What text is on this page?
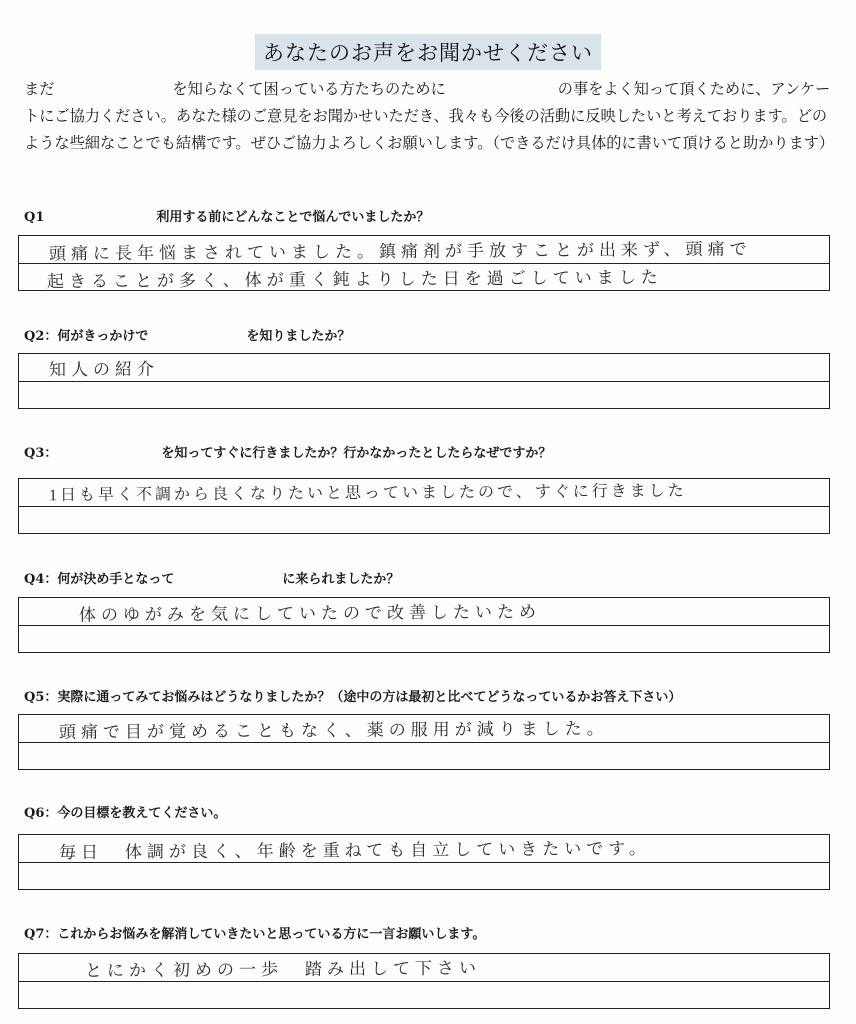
あなたのお声をお聞かせください
まだ	を知らなくて困っている方たちのために	の事をよく知って頂くために、アンケートにご協力ください。あなた様のご意見をお聞かせいただき、我々も今後の活動に反映したいと考えております。どのような些細なことでも結構です。ぜひご協力よろしくお願いします。（できるだけ具体的に書いて頂けると助かります）
Q1	利用する前にどんなことで悩んでいましたか？
頭痛に長年悩まされていました。鎮痛剤が手放すことが出来ず、頭痛で
起きることが多く、体が重く鈍よりした日を過ごしていました
Q2：何がきっかけで	を知りましたか？
知人の紹介
Q3：	を知ってすぐに行きましたか？行かなかったとしたらなぜですか？
1日も早く不調から良くなりたいと思っていましたので、すぐに行きました
Q4：何が決め手となって	に来られましたか？
体のゆがみを気にしていたので改善したいため
Q5：実際に通ってみてお悩みはどうなりましたか？（途中の方は最初と比べてどうなっているかお答え下さい）
頭痛で目が覚めることもなく、薬の服用が減りました。
Q6：今の目標を教えてください。
毎日　体調が良く、年齢を重ねても自立していきたいです。
Q7：これからお悩みを解消していきたいと思っている方に一言お願いします。
とにかく初めの一歩　踏み出して下さい
